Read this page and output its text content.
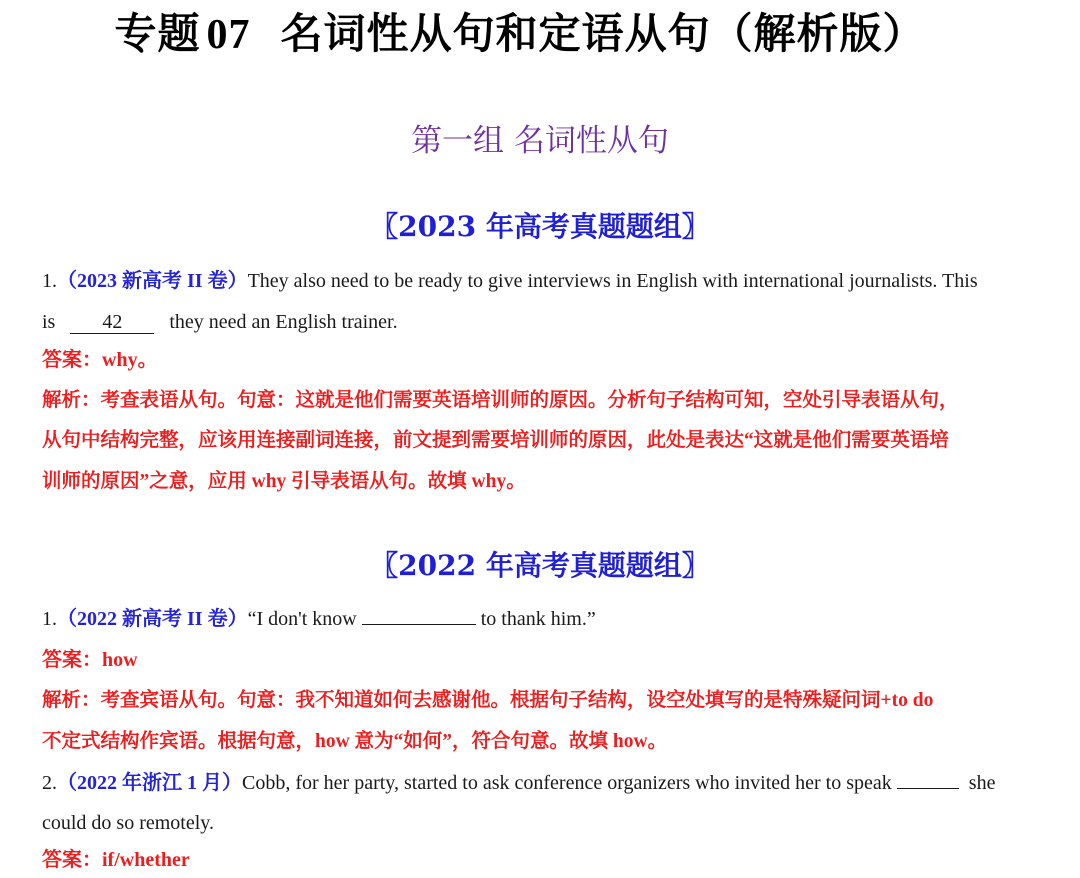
专题 07 名词性从句和定语从句（解析版）
第一组 名词性从句
〖2023 年高考真题题组〗
1.（2023 新高考 II 卷）They also need to be ready to give interviews in English with international journalists. This
is 42 they need an English trainer.
答案：why。
解析：考查表语从句。句意：这就是他们需要英语培训师的原因。分析句子结构可知，空处引导表语从句，
从句中结构完整，应该用连接副词连接，前文提到需要培训师的原因，此处是表达“这就是他们需要英语培
训师的原因”之意，应用 why 引导表语从句。故填 why。
〖2022 年高考真题题组〗
1.（2022 新高考 II 卷）“I don't know	to thank him.”
答案：how
解析：考查宾语从句。句意：我不知道如何去感谢他。根据句子结构，设空处填写的是特殊疑问词+to do
不定式结构作宾语。根据句意，how 意为“如何”，符合句意。故填 how。
2.（2022 年浙江 1 月）Cobb, for her party, started to ask conference organizers who invited her to speak	she
could do so remotely.
答案：if/whether
